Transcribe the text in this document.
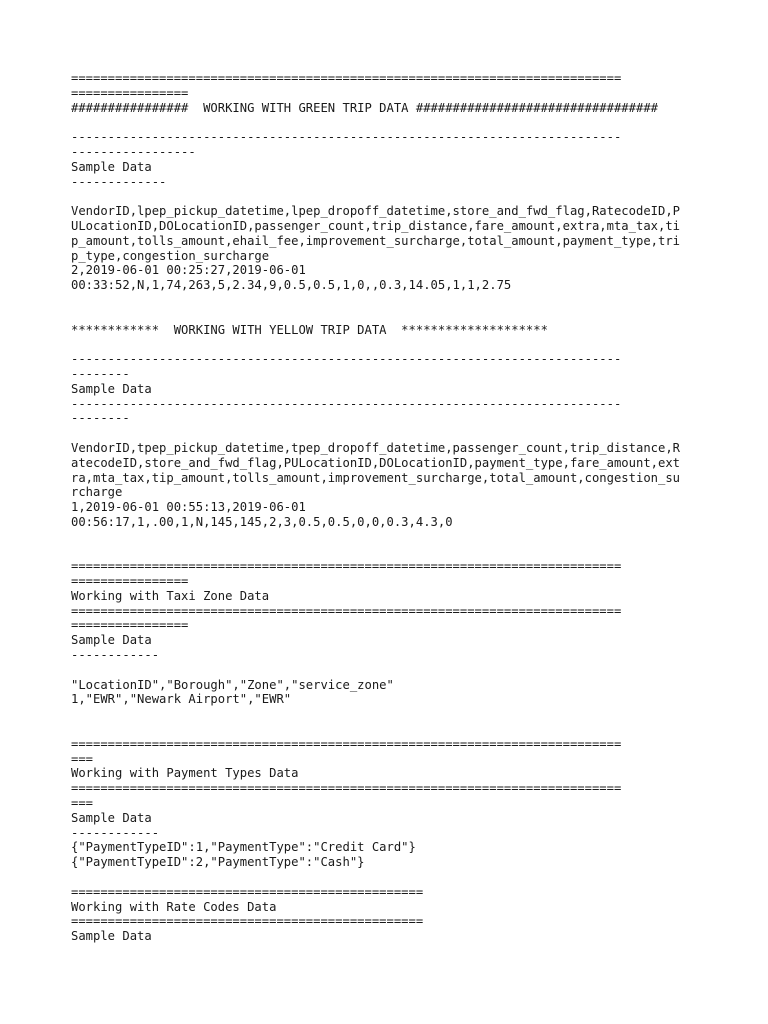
===========================================================================
================
################  WORKING WITH GREEN TRIP DATA #################################
---------------------------------------------------------------------------
-----------------
Sample Data
-------------
VendorID,lpep_pickup_datetime,lpep_dropoff_datetime,store_and_fwd_flag,RatecodeID,P
ULocationID,DOLocationID,passenger_count,trip_distance,fare_amount,extra,mta_tax,ti
p_amount,tolls_amount,ehail_fee,improvement_surcharge,total_amount,payment_type,tri
p_type,congestion_surcharge
2,2019-06-01 00:25:27,2019-06-01
00:33:52,N,1,74,263,5,2.34,9,0.5,0.5,1,0,,0.3,14.05,1,1,2.75
************  WORKING WITH YELLOW TRIP DATA  ********************
---------------------------------------------------------------------------
--------
Sample Data
---------------------------------------------------------------------------
--------
VendorID,tpep_pickup_datetime,tpep_dropoff_datetime,passenger_count,trip_distance,R
atecodeID,store_and_fwd_flag,PULocationID,DOLocationID,payment_type,fare_amount,ext
ra,mta_tax,tip_amount,tolls_amount,improvement_surcharge,total_amount,congestion_su
rcharge
1,2019-06-01 00:55:13,2019-06-01
00:56:17,1,.00,1,N,145,145,2,3,0.5,0.5,0,0,0.3,4.3,0
===========================================================================
================
Working with Taxi Zone Data
===========================================================================
================
Sample Data
------------
"LocationID","Borough","Zone","service_zone"
1,"EWR","Newark Airport","EWR"
===========================================================================
===
Working with Payment Types Data
===========================================================================
===
Sample Data
------------
{"PaymentTypeID":1,"PaymentType":"Credit Card"}
{"PaymentTypeID":2,"PaymentType":"Cash"}
================================================
Working with Rate Codes Data
================================================
Sample Data
